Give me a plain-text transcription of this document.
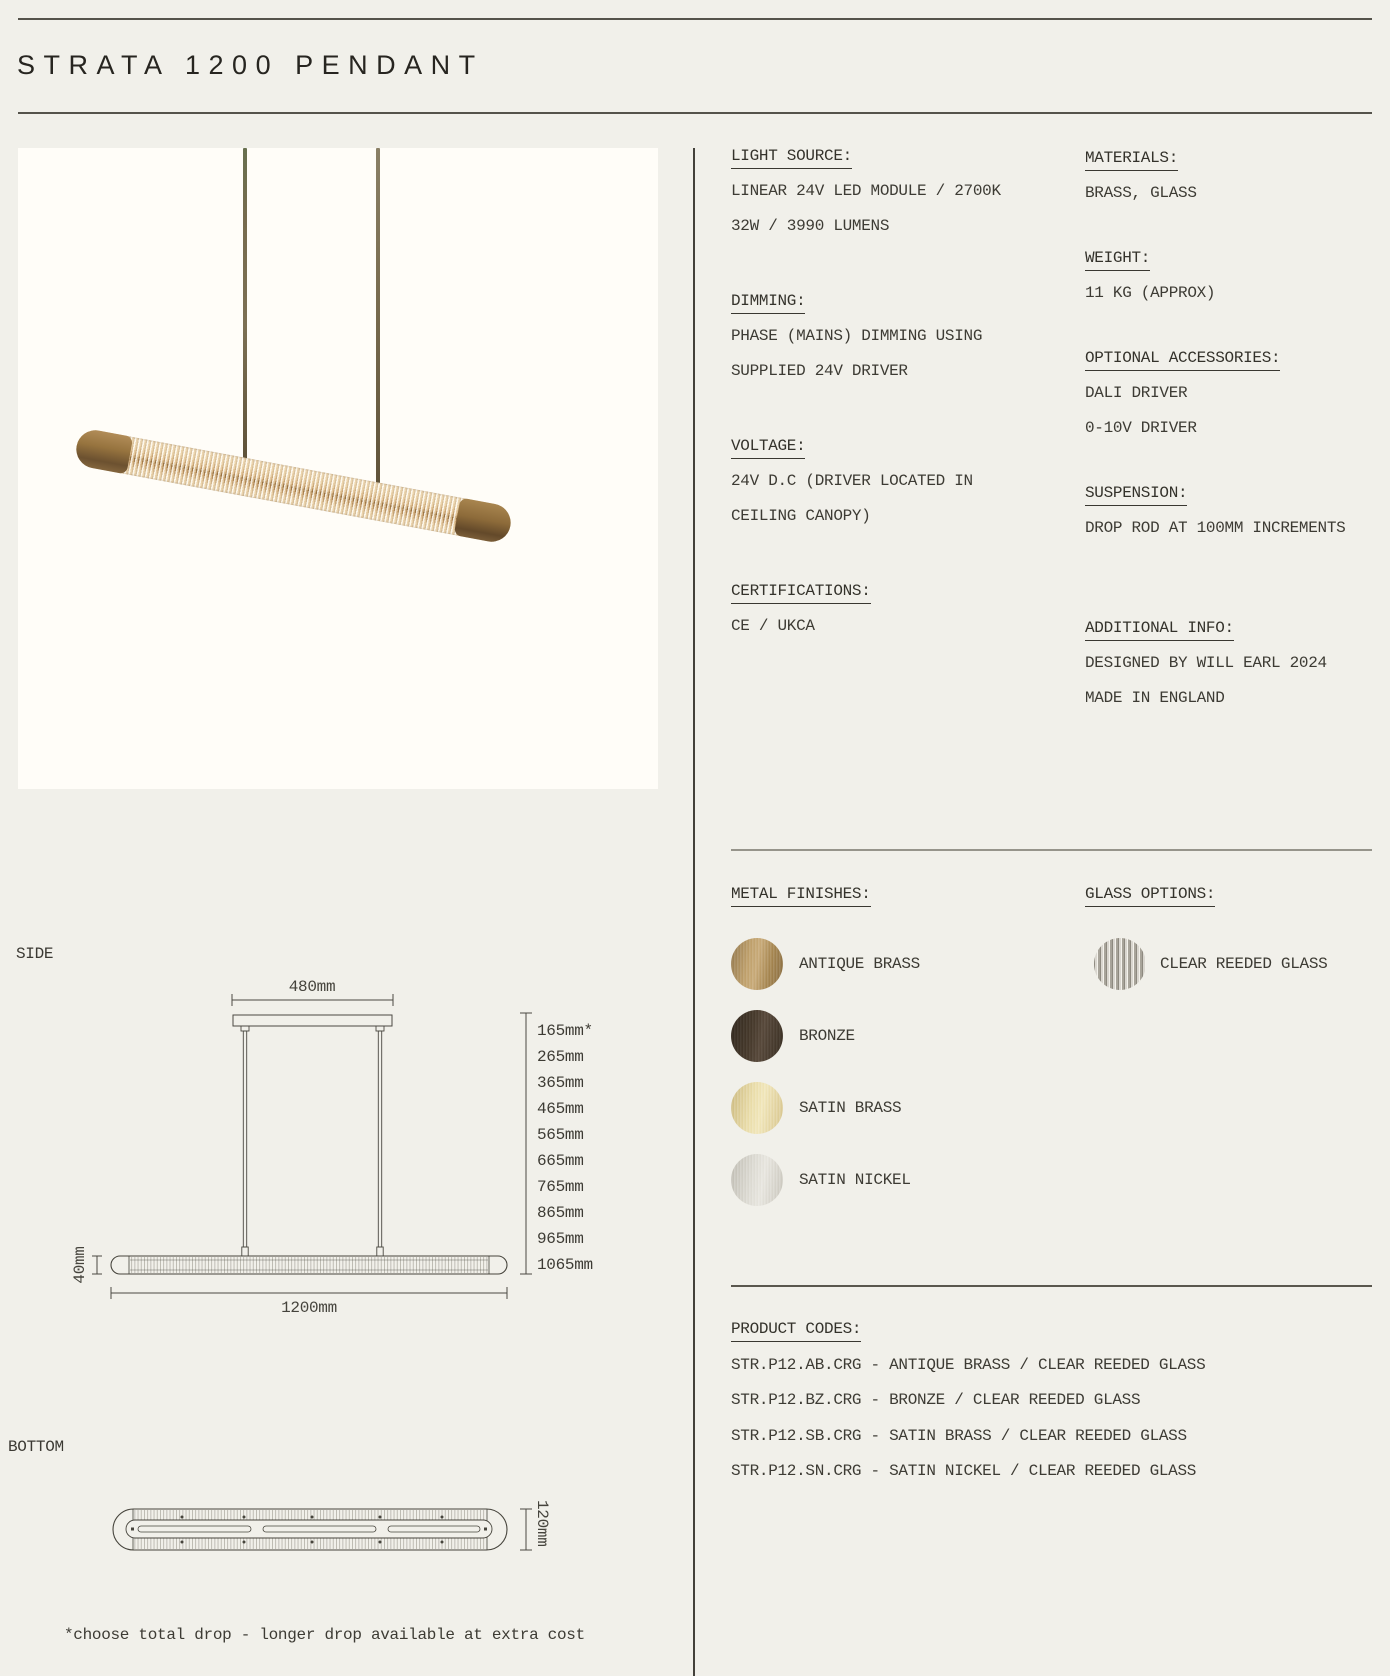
STRATA 1200 PENDANT
LIGHT SOURCE:
LINEAR 24V LED MODULE / 2700K
32W / 3990 LUMENS
DIMMING:
PHASE (MAINS) DIMMING USING
SUPPLIED 24V DRIVER
VOLTAGE:
24V D.C (DRIVER LOCATED IN
CEILING CANOPY)
CERTIFICATIONS:
CE / UKCA
MATERIALS:
BRASS, GLASS
WEIGHT:
11 KG (APPROX)
OPTIONAL ACCESSORIES:
DALI DRIVER
0-10V DRIVER
SUSPENSION:
DROP ROD AT 100MM INCREMENTS
ADDITIONAL INFO:
DESIGNED BY WILL EARL 2024
MADE IN ENGLAND
METAL FINISHES:
ANTIQUE BRASS
BRONZE
SATIN BRASS
SATIN NICKEL
GLASS OPTIONS:
CLEAR REEDED GLASS
PRODUCT CODES:
STR.P12.AB.CRG - ANTIQUE BRASS / CLEAR REEDED GLASS
STR.P12.BZ.CRG - BRONZE / CLEAR REEDED GLASS
STR.P12.SB.CRG - SATIN BRASS / CLEAR REEDED GLASS
STR.P12.SN.CRG - SATIN NICKEL / CLEAR REEDED GLASS
SIDE
480mm
40mm
1200mm
165mm*
265mm
365mm
465mm
565mm
665mm
765mm
865mm
965mm
1065mm
BOTTOM
120mm
*choose total drop - longer drop available at extra cost
